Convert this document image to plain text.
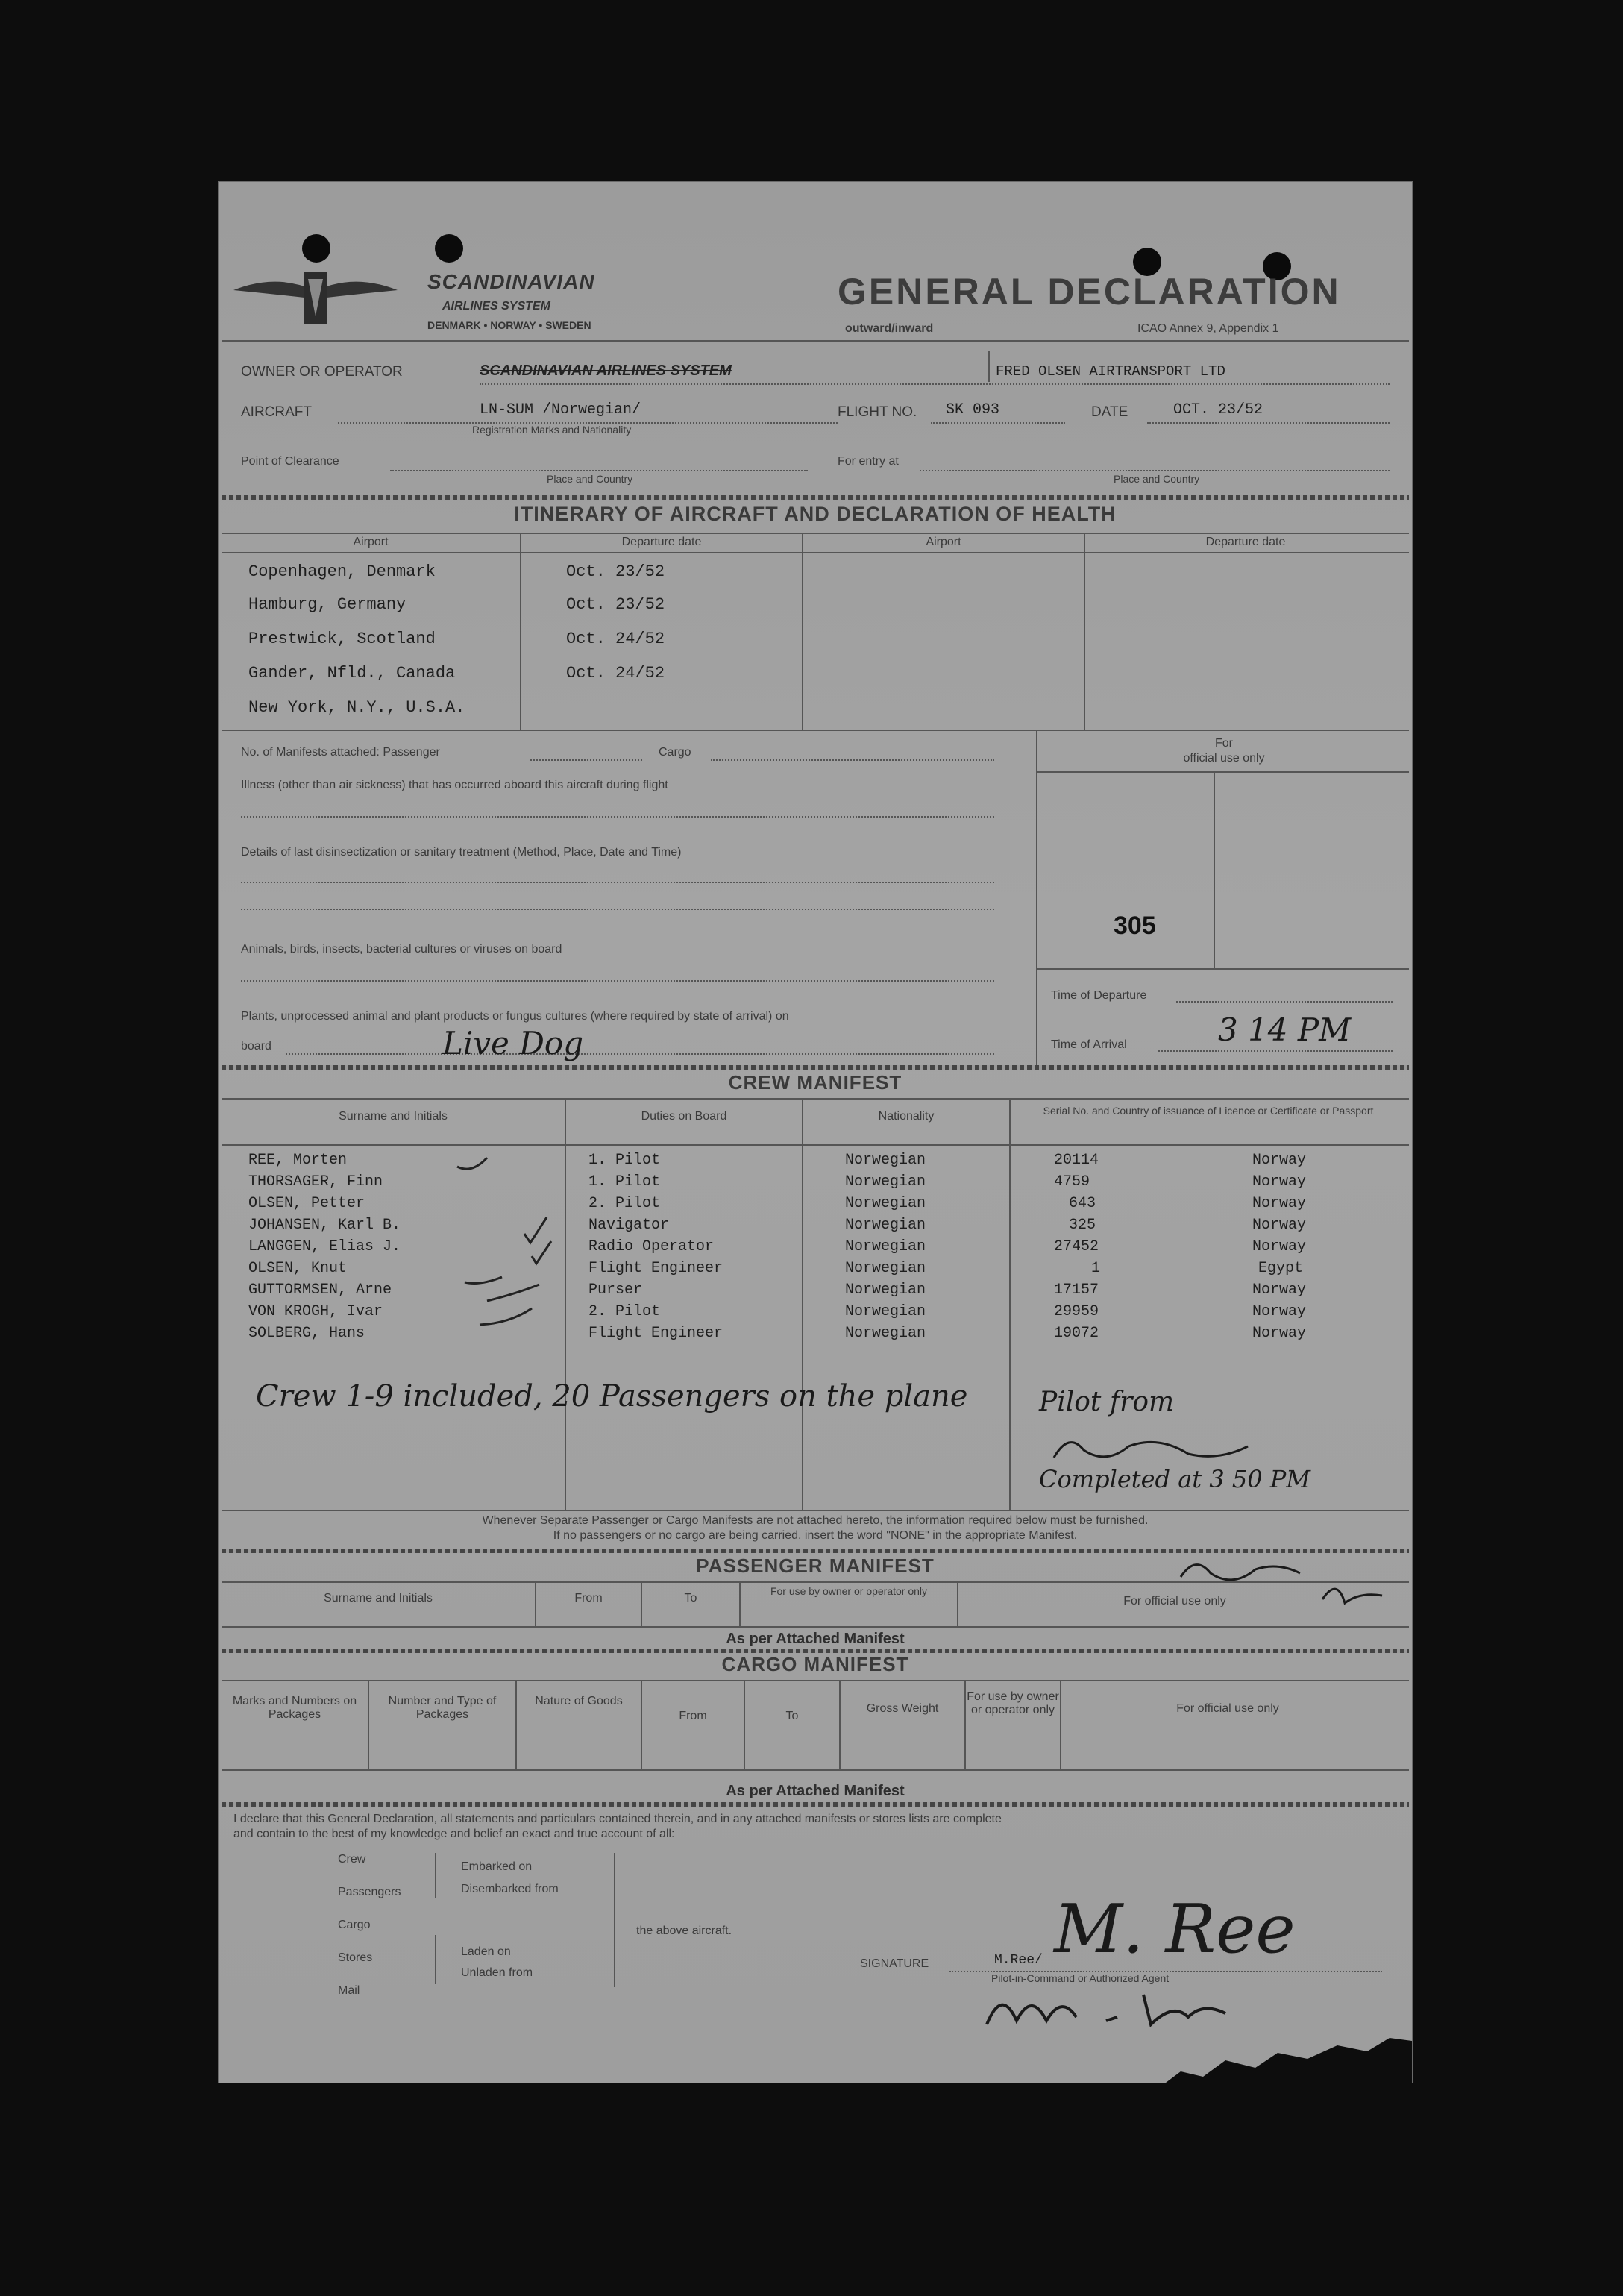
SCANDINAVIAN
AIRLINES SYSTEM
DENMARK • NORWAY • SWEDEN
GENERAL DECLARATION
outward/inward	ICAO Annex 9, Appendix 1
OWNER OR OPERATOR	SCANDINAVIAN AIRLINES SYSTEM	FRED OLSEN AIRTRANSPORT LTD
AIRCRAFT	LN-SUM /Norwegian/
Registration Marks and Nationality
FLIGHT NO. SK 093	DATE	OCT. 23/52
Point of Clearance
Place and Country
For entry at
Place and Country
ITINERARY OF AIRCRAFT AND DECLARATION OF HEALTH
Airport	Departure date	Airport	Departure date
Copenhagen, Denmark	Oct. 23/52
Hamburg, Germany	Oct. 23/52
Prestwick, Scotland	Oct. 24/52
Gander, Nfld., Canada	Oct. 24/52
New York, N.Y., U.S.A.
No. of Manifests attached: Passenger	Cargo
Illness (other than air sickness) that has occurred aboard this aircraft during flight
Details of last disinsectization or sanitary treatment (Method, Place, Date and Time)
Animals, birds, insects, bacterial cultures or viruses on board
Plants, unprocessed animal and plant products or fungus cultures (where required by state of arrival) on
board	Live Dog
For
official use only
305
Time of Departure
Time of Arrival	3 14 PM
CREW MANIFEST
Surname and Initials	Duties on Board	Nationality	Serial No. and Country of issuance of Licence or Certificate or Passport
REE, Morten	1. Pilot	Norwegian	20114	Norway
THORSAGER, Finn	1. Pilot	Norwegian	4759	Norway
OLSEN, Petter	2. Pilot	Norwegian	643	Norway
JOHANSEN, Karl B.	Navigator	Norwegian	325	Norway
LANGGEN, Elias J.	Radio Operator	Norwegian	27452	Norway
OLSEN, Knut	Flight Engineer	Norwegian	1	Egypt
GUTTORMSEN, Arne	Purser	Norwegian	17157	Norway
VON KROGH, Ivar	2. Pilot	Norwegian	29959	Norway
SOLBERG, Hans	Flight Engineer	Norwegian	19072	Norway
Crew 1-9 included, 20 Passengers on the plane	Pilot from
Completed at 3 50 PM
Whenever Separate Passenger or Cargo Manifests are not attached hereto, the information required below must be furnished.
If no passengers or no cargo are being carried, insert the word "NONE" in the appropriate Manifest.
PASSENGER MANIFEST
Surname and Initials	From	To
For use by owner or operator only
For official use only
As per Attached Manifest
CARGO MANIFEST
Marks and Numbers on Packages
Number and Type of Packages
Nature of Goods
From	To
Gross Weight
For use by owner or operator only	For official use only
As per Attached Manifest
I declare that this General Declaration, all statements and particulars contained therein, and in any attached manifests or stores lists are complete
and contain to the best of my knowledge and belief an exact and true account of all:
Crew
Passengers
Cargo
Stores
Mail
Embarked on
Disembarked from
Laden on
Unladen from
the above aircraft.
SIGNATURE	M.Ree/
Pilot-in-Command or Authorized Agent
M. Ree
